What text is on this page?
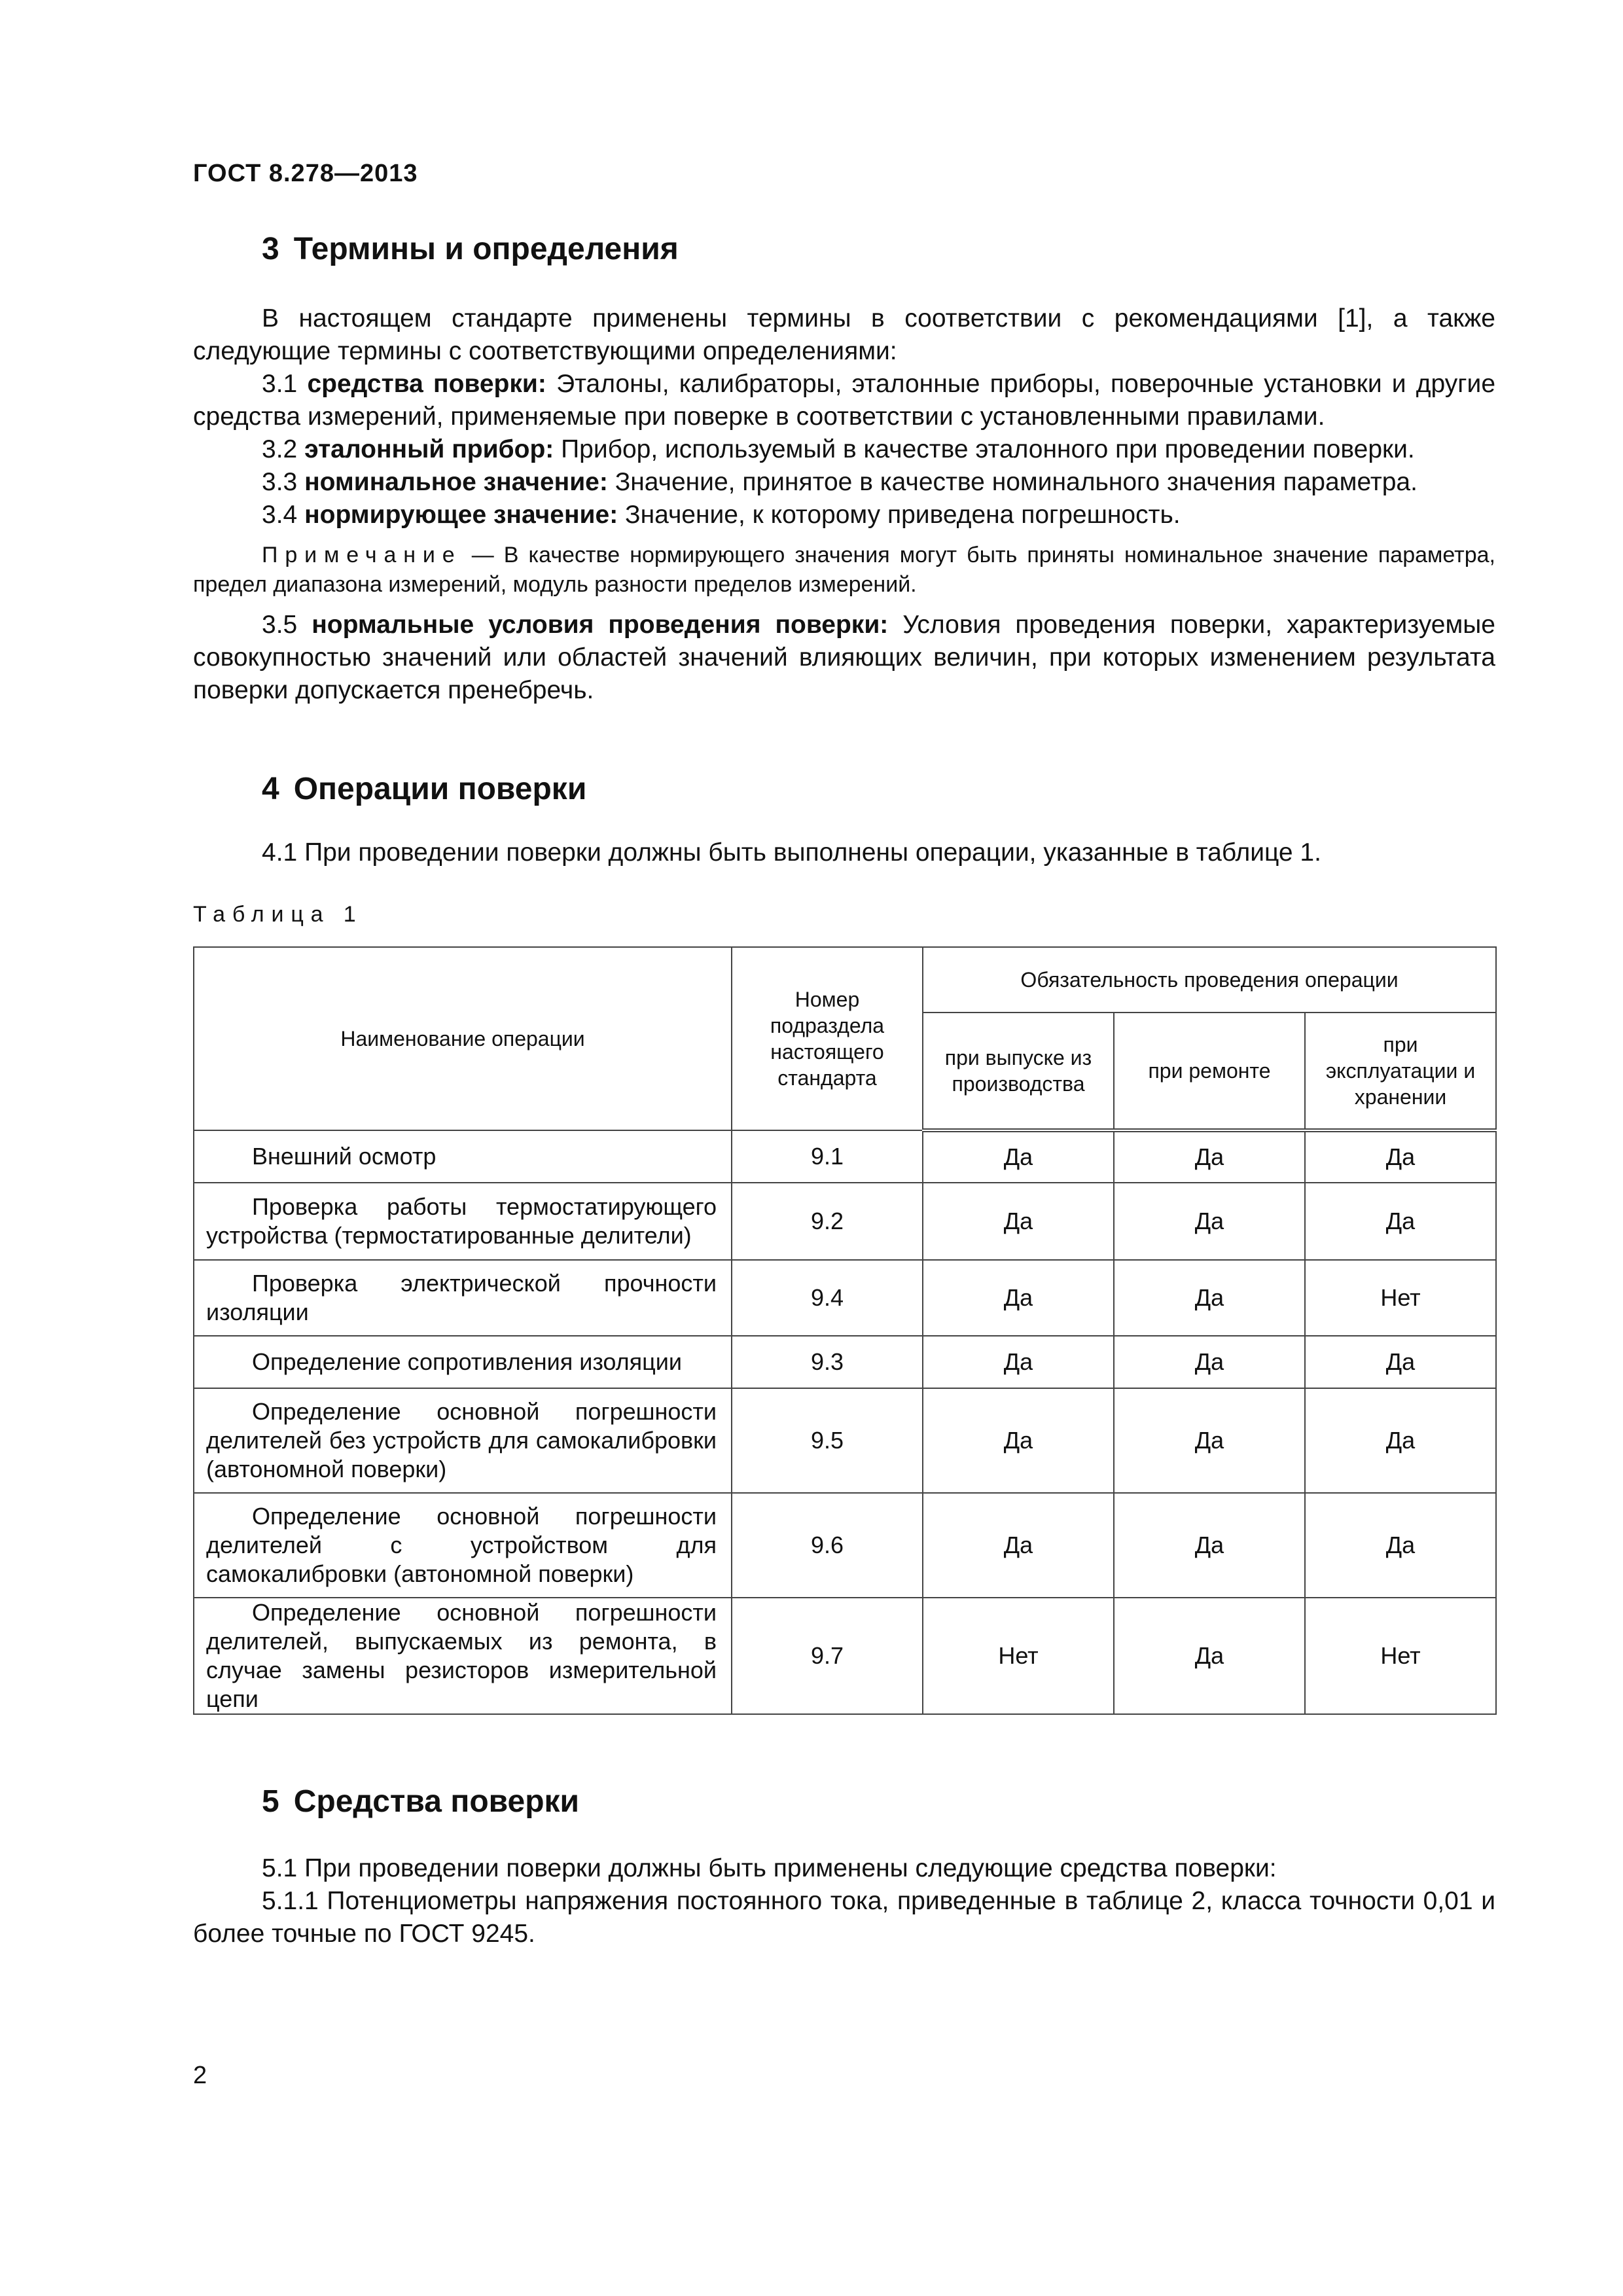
ГОСТ 8.278—2013
3 Термины и определения

В настоящем стандарте применены термины в соответствии с рекомендациями [1], а также следующие термины с соответствующими определениями:

3.1 средства поверки: Эталоны, калибраторы, эталонные приборы, поверочные установки и другие средства измерений, применяемые при поверке в соответствии с установленными правилами.

3.2 эталонный прибор: Прибор, используемый в качестве эталонного при проведении поверки.

3.3 номинальное значение: Значение, принятое в качестве номинального значения параметра.

3.4 нормирующее значение: Значение, к которому приведена погрешность.

Примечание — В качестве нормирующего значения могут быть приняты номинальное значение параметра, предел диапазона измерений, модуль разности пределов измерений.

3.5 нормальные условия проведения поверки: Условия проведения поверки, характеризуемые совокупностью значений или областей значений влияющих величин, при которых изменением результата поверки допускается пренебречь.

4 Операции поверки

4.1 При проведении поверки должны быть выполнены операции, указанные в таблице 1.

Таблица 1
Наименование операции	Номер подраздела настоящего стандарта	Обязательность проведения операции		
		при выпуске из производства	при ремонте	при эксплуатации и хранении

Внешний осмотр	9.1	Да	Да	Да

Проверка работы термостатирующего устройства (термостатированные делители)	9.2	Да	Да	Да

Проверка электрической прочности изоляции	9.4	Да	Да	Нет

Определение сопротивления изоляции	9.3	Да	Да	Да

Определение основной погрешности делителей без устройств для самокалибровки (автономной поверки)	9.5	Да	Да	Да

Определение основной погрешности делителей с устройством для самокалибровки (автономной поверки)	9.6	Да	Да	Да

Определение основной погрешности делителей, выпускаемых из ремонта, в случае замены резисторов измерительной цепи	9.7	Нет	Да	Нет
5 Средства поверки

5.1 При проведении поверки должны быть применены следующие средства поверки:

5.1.1 Потенциометры напряжения постоянного тока, приведенные в таблице 2, класса точности 0,01 и более точные по ГОСТ 9245.

2
